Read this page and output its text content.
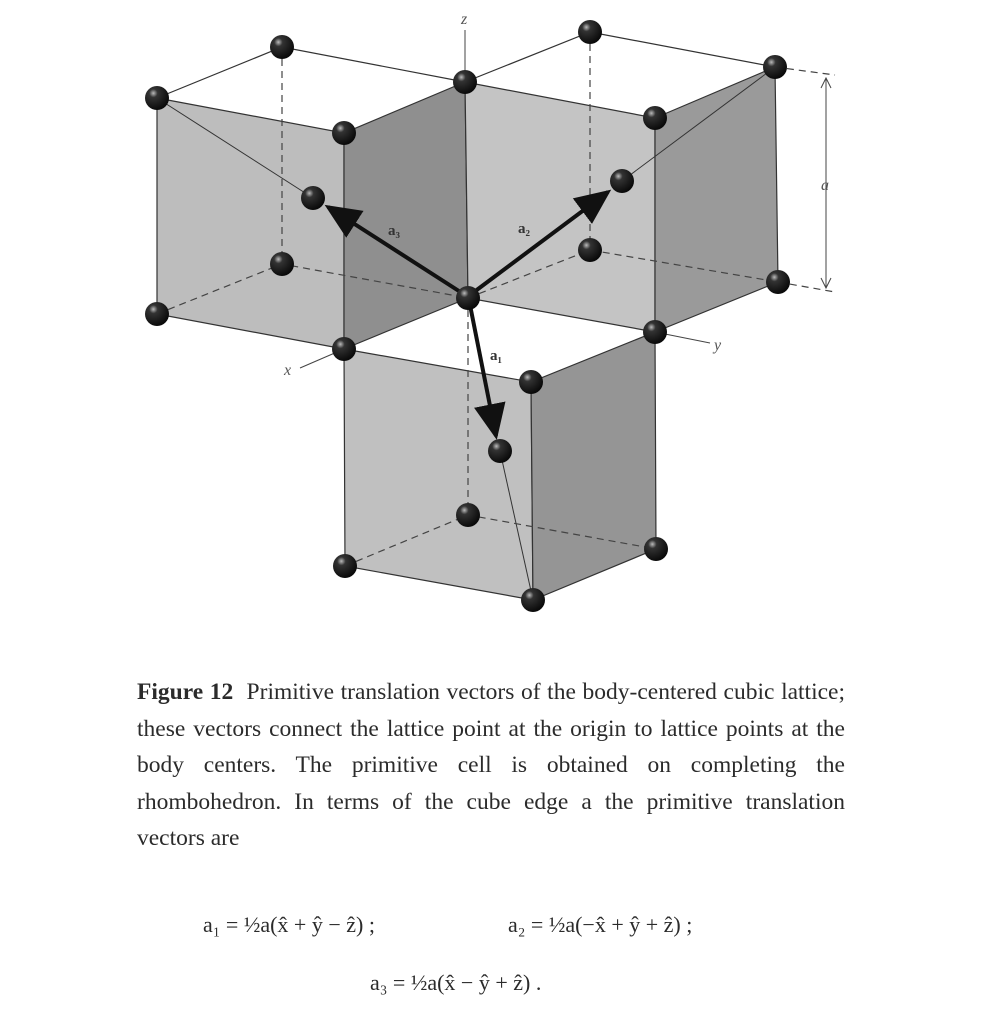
z
x
y
a
a₁
a₂
a₃
Figure 12 Primitive translation vectors of the body-centered cubic lattice; these vectors connect the lattice point at the origin to lattice points at the body centers. The primitive cell is obtained on completing the rhombohedron. In terms of the cube edge a the primitive translation vectors are
a₁ = ½a(x̂ + ŷ − ẑ) ;	a₂ = ½a(−x̂ + ŷ + ẑ) ;
a₃ = ½a(x̂ − ŷ + ẑ) .
